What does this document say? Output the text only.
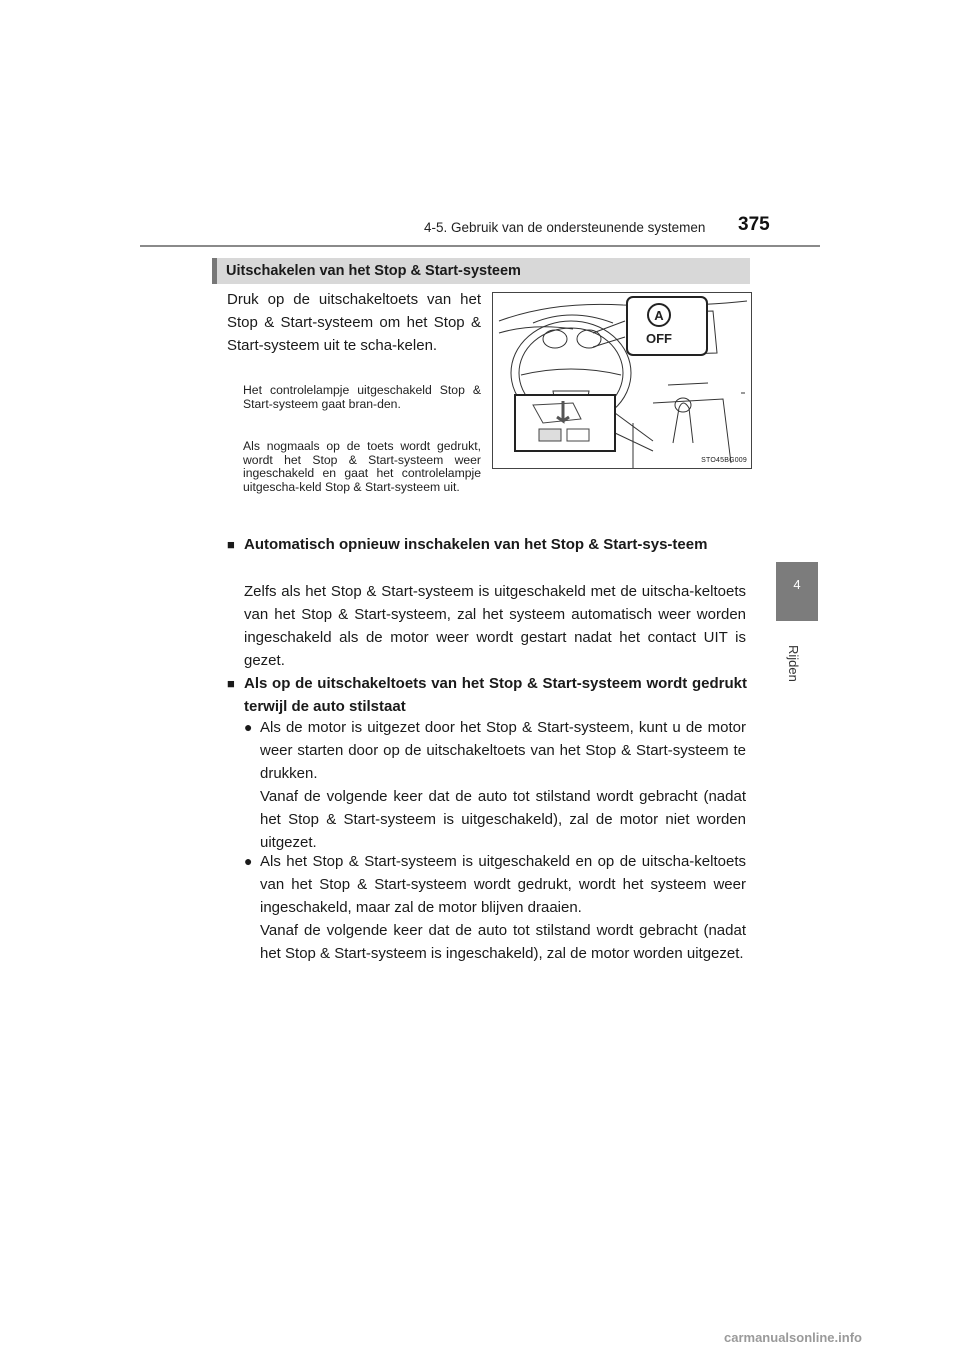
4-5. Gebruik van de ondersteunende systemen 375
4
Rijden
Uitschakelen van het Stop & Start-systeem
Druk op de uitschakeltoets van het Stop & Start-systeem om het Stop & Start-systeem uit te scha-kelen.
Het controlelampje uitgeschakeld Stop & Start-systeem gaat bran-den.
Als nogmaals op de toets wordt gedrukt, wordt het Stop & Start-systeem weer ingeschakeld en gaat het controlelampje uitgescha-keld Stop & Start-systeem uit.
A
OFF
STO45BG009
■ Automatisch opnieuw inschakelen van het Stop & Start-sys-teem
Zelfs als het Stop & Start-systeem is uitgeschakeld met de uitscha-keltoets van het Stop & Start-systeem, zal het systeem automatisch weer worden ingeschakeld als de motor weer wordt gestart nadat het contact UIT is gezet.
■ Als op de uitschakeltoets van het Stop & Start-systeem wordt gedrukt terwijl de auto stilstaat
● Als de motor is uitgezet door het Stop & Start-systeem, kunt u de motor weer starten door op de uitschakeltoets van het Stop & Start-systeem te drukken.
Vanaf de volgende keer dat de auto tot stilstand wordt gebracht (nadat het Stop & Start-systeem is uitgeschakeld), zal de motor niet worden uitgezet.
● Als het Stop & Start-systeem is uitgeschakeld en op de uitscha-keltoets van het Stop & Start-systeem wordt gedrukt, wordt het systeem weer ingeschakeld, maar zal de motor blijven draaien.
Vanaf de volgende keer dat de auto tot stilstand wordt gebracht (nadat het Stop & Start-systeem is ingeschakeld), zal de motor worden uitgezet.
carmanualsonline.info
